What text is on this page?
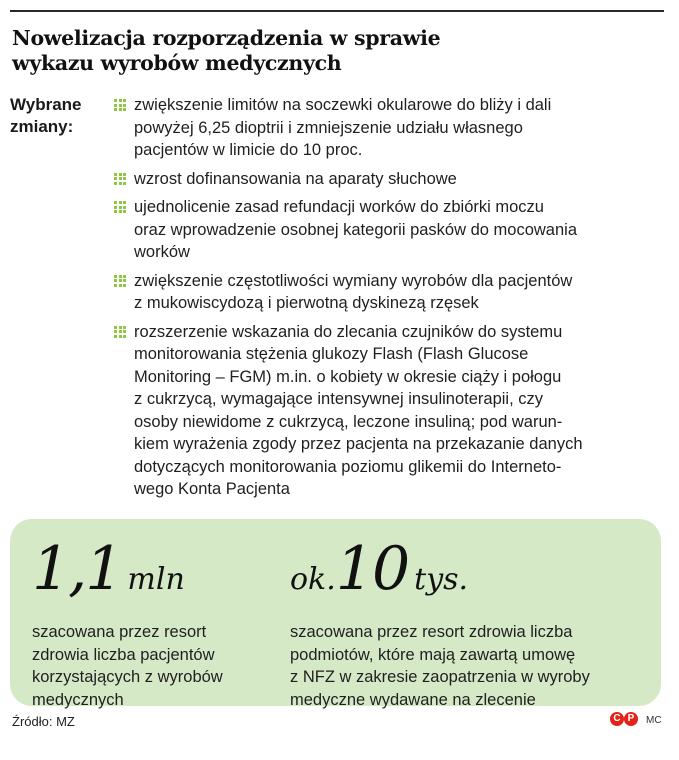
Nowelizacja rozporządzenia w sprawie
wykazu wyrobów medycznych
Wybrane
zmiany:
zwiększenie limitów na soczewki okularowe do bliży i dali
powyżej 6,25 dioptrii i zmniejszenie udziału własnego
pacjentów w limicie do 10 proc.
wzrost dofinansowania na aparaty słuchowe
ujednolicenie zasad refundacji worków do zbiórki moczu
oraz wprowadzenie osobnej kategorii pasków do mocowania
worków
zwiększenie częstotliwości wymiany wyrobów dla pacjentów
z mukowiscydozą i pierwotną dyskinezą rzęsek
rozszerzenie wskazania do zlecania czujników do systemu
monitorowania stężenia glukozy Flash (Flash Glucose
Monitoring – FGM) m.in. o kobiety w okresie ciąży i połogu
z cukrzycą, wymagające intensywnej insulinoterapii, czy
osoby niewidome z cukrzycą, leczone insuliną; pod warun-
kiem wyrażenia zgody przez pacjenta na przekazanie danych
dotyczących monitorowania poziomu glikemii do Interneto-
wego Konta Pacjenta
1,1 mln
szacowana przez resort
zdrowia liczba pacjentów
korzystających z wyrobów
medycznych
ok.10 tys.
szacowana przez resort zdrowia liczba
podmiotów, które mają zawartą umowę
z NFZ w zakresie zaopatrzenia w wyroby
medyczne wydawane na zlecenie
Źródło: MZ	C P	MC
